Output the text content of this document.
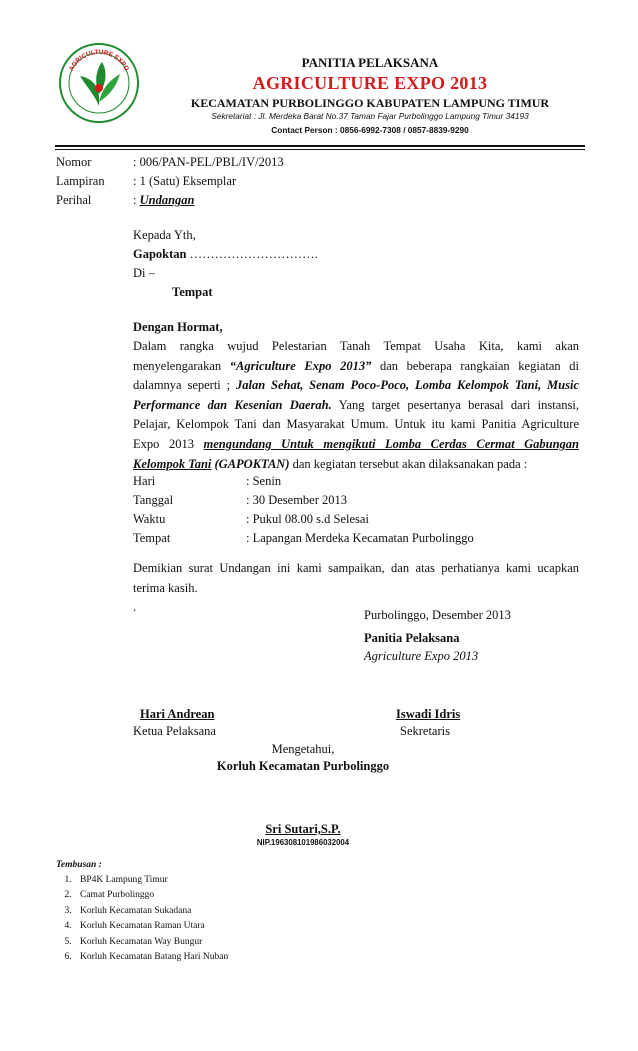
AGRICULTURE EXPO	PANITIA PELAKSANA
AGRICULTURE EXPO 2013
KECAMATAN PURBOLINGGO KABUPATEN LAMPUNG TIMUR
Sekretariat : Jl. Merdeka Barat No.37 Taman Fajar Purbolinggo Lampung Timur 34193
Contact Person : 0856-6992-7308 / 0857-8839-9290
Nomor	: 006/PAN-PEL/PBL/IV/2013
Lampiran : 1 (Satu) Eksemplar
Perihal	: Undangan
Kepada Yth,
Gapoktan ………………………….
Di –
Tempat
Dengan Hormat,
Dalam rangka wujud Pelestarian Tanah Tempat Usaha Kita, kami akan
menyelengarakan “Agriculture Expo 2013” dan beberapa rangkaian kegiatan di
dalamnya seperti ; Jalan Sehat, Senam Poco-Poco, Lomba Kelompok Tani, Music
Performance dan Kesenian Daerah. Yang target pesertanya berasal dari instansi,
Pelajar, Kelompok Tani dan Masyarakat Umum. Untuk itu kami Panitia Agriculture
Expo 2013 mengundang Untuk mengikuti Lomba Cerdas Cermat Gabungan
Kelompok Tani (GAPOKTAN) dan kegiatan tersebut akan dilaksanakan pada :
Hari	: Senin
Tanggal	: 30 Desember 2013
Waktu	: Pukul 08.00 s.d Selesai
Tempat	: Lapangan Merdeka Kecamatan Purbolinggo
Demikian surat Undangan ini kami sampaikan, dan atas perhatianya kami ucapkan
terima kasih.
.
Purbolinggo, Desember 2013
Panitia Pelaksana
Agriculture Expo 2013
Hari Andrean
Ketua Pelaksana
Iswadi Idris
Sekretaris
Mengetahui,
Korluh Kecamatan Purbolinggo
Sri Sutari,S.P.
NIP.196308101986032004
Tembusan :
1. BP4K Lampung Timur
2. Camat Purbolinggo
3. Korluh Kecamatan Sukadana
4. Korluh Kecamatan Raman Utara
5. Korluh Kecamatan Way Bungur
6. Korluh Kecamatan Batang Hari Nuban
